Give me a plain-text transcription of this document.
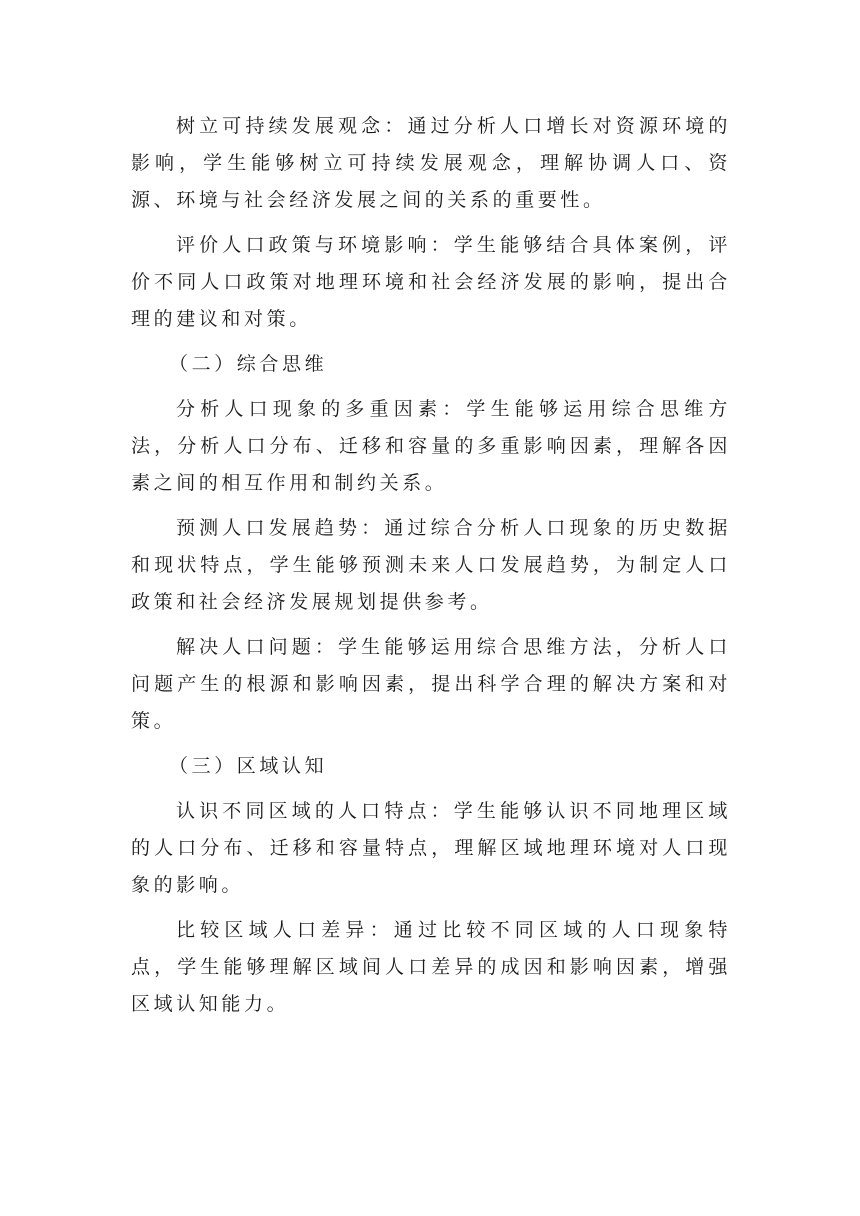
树立可持续发展观念：通过分析人口增长对资源环境的影响，学生能够树立可持续发展观念，理解协调人口、资源、环境与社会经济发展之间的关系的重要性。

评价人口政策与环境影响：学生能够结合具体案例，评价不同人口政策对地理环境和社会经济发展的影响，提出合理的建议和对策。

（二）综合思维

分析人口现象的多重因素：学生能够运用综合思维方法，分析人口分布、迁移和容量的多重影响因素，理解各因素之间的相互作用和制约关系。

预测人口发展趋势：通过综合分析人口现象的历史数据和现状特点，学生能够预测未来人口发展趋势，为制定人口政策和社会经济发展规划提供参考。

解决人口问题：学生能够运用综合思维方法，分析人口问题产生的根源和影响因素，提出科学合理的解决方案和对策。

（三）区域认知

认识不同区域的人口特点：学生能够认识不同地理区域的人口分布、迁移和容量特点，理解区域地理环境对人口现象的影响。

比较区域人口差异：通过比较不同区域的人口现象特点，学生能够理解区域间人口差异的成因和影响因素，增强区域认知能力。
